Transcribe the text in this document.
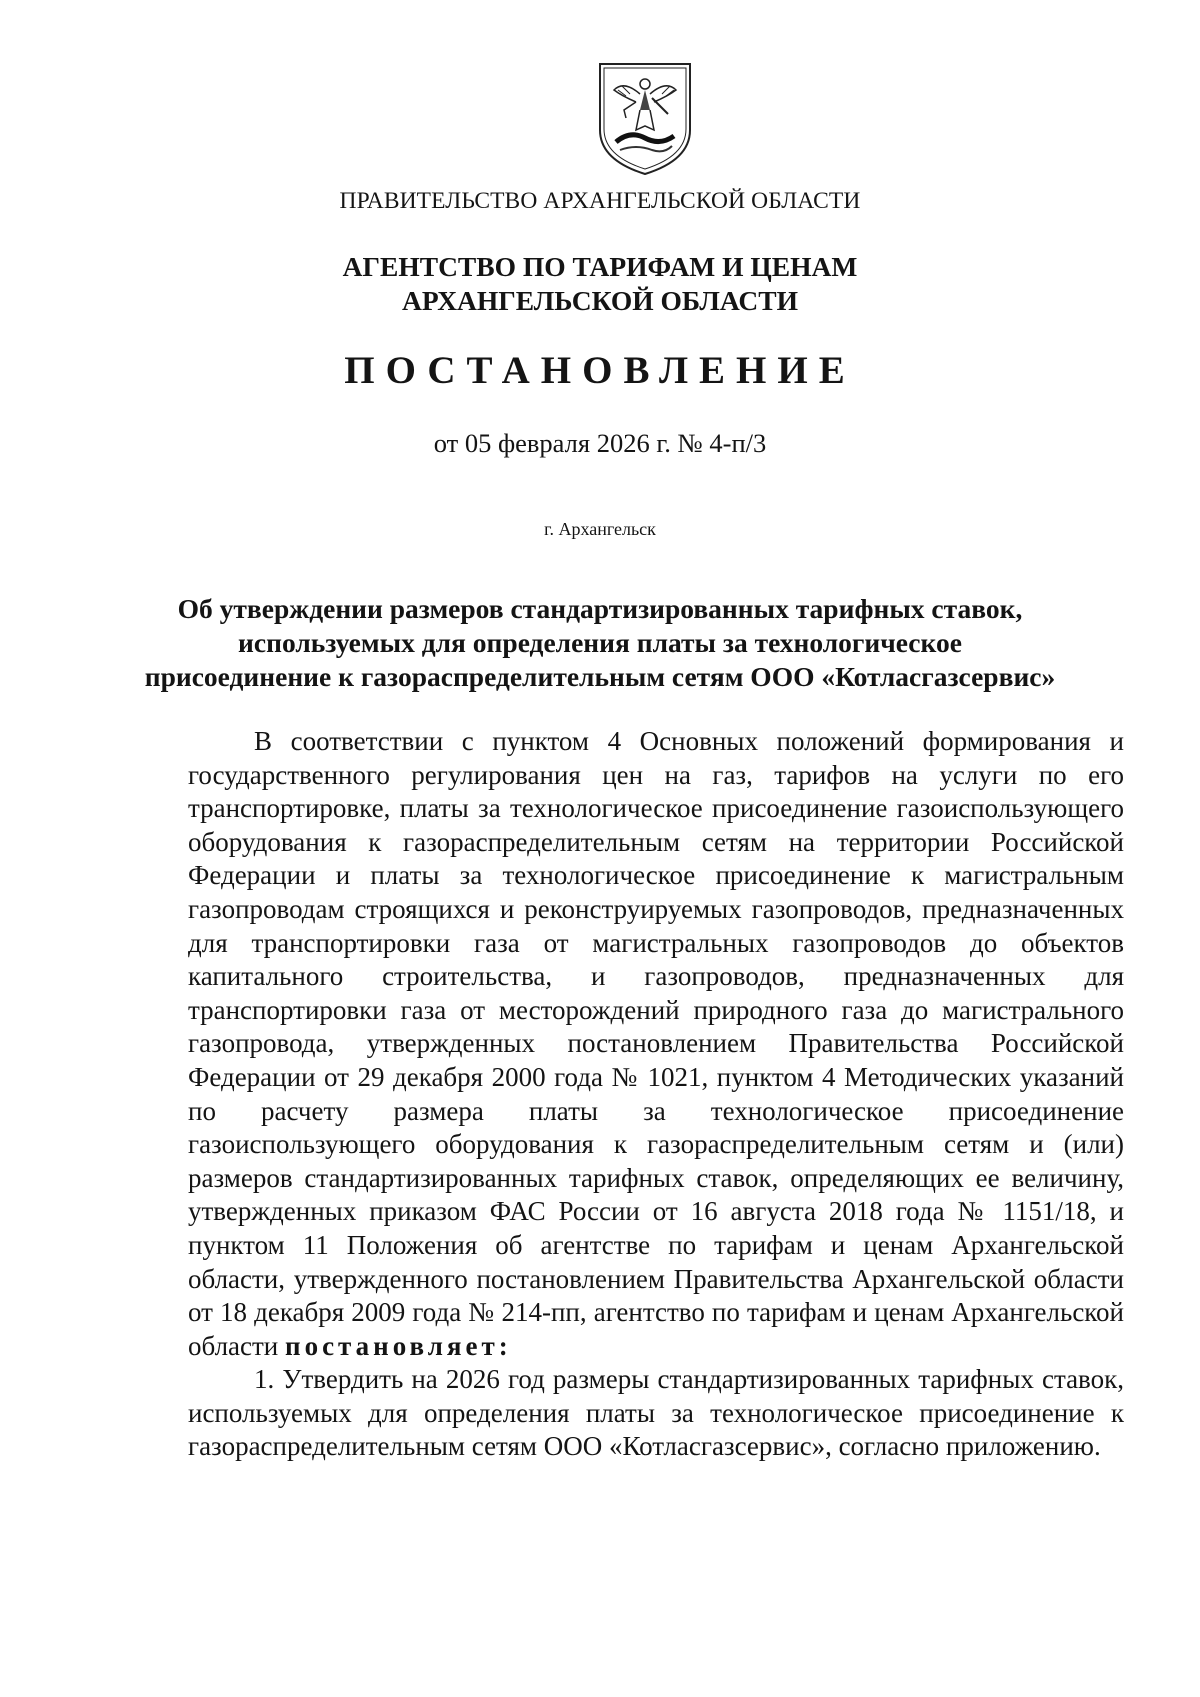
ПРАВИТЕЛЬСТВО АРХАНГЕЛЬСКОЙ ОБЛАСТИ
АГЕНТСТВО ПО ТАРИФАМ И ЦЕНАМ
АРХАНГЕЛЬСКОЙ ОБЛАСТИ
ПОСТАНОВЛЕНИЕ
от 05 февраля 2026 г. № 4-п/3
г. Архангельск
Об утверждении размеров стандартизированных тарифных ставок,
используемых для определения платы за технологическое
присоединение к газораспределительным сетям ООО «Котласгазсервис»

В соответствии с пунктом 4 Основных положений формирования и государственного регулирования цен на газ, тарифов на услуги по его транспортировке, платы за технологическое присоединение газоиспользующего оборудования к газораспределительным сетям на территории Российской Федерации и платы за технологическое присоединение к магистральным газопроводам строящихся и реконструируемых газопроводов, предназначенных для транспортировки газа от магистральных газопроводов до объектов капитального строительства, и газопроводов, предназначенных для транспортировки газа от месторождений природного газа до магистрального газопровода, утвержденных постановлением Правительства Российской Федерации от 29 декабря 2000 года № 1021, пунктом 4 Методических указаний по расчету размера платы за технологическое присоединение газоиспользующего оборудования к газораспределительным сетям и (или) размеров стандартизированных тарифных ставок, определяющих ее величину, утвержденных приказом ФАС России от 16 августа 2018 года № 1151/18, и пунктом 11 Положения об агентстве по тарифам и ценам Архангельской области, утвержденного постановлением Правительства Архангельской области от 18 декабря 2009 года № 214-пп, агентство по тарифам и ценам Архангельской области постановляет:

1. Утвердить на 2026 год размеры стандартизированных тарифных ставок, используемых для определения платы за технологическое присоединение к газораспределительным сетям ООО «Котласгазсервис», согласно приложению.
